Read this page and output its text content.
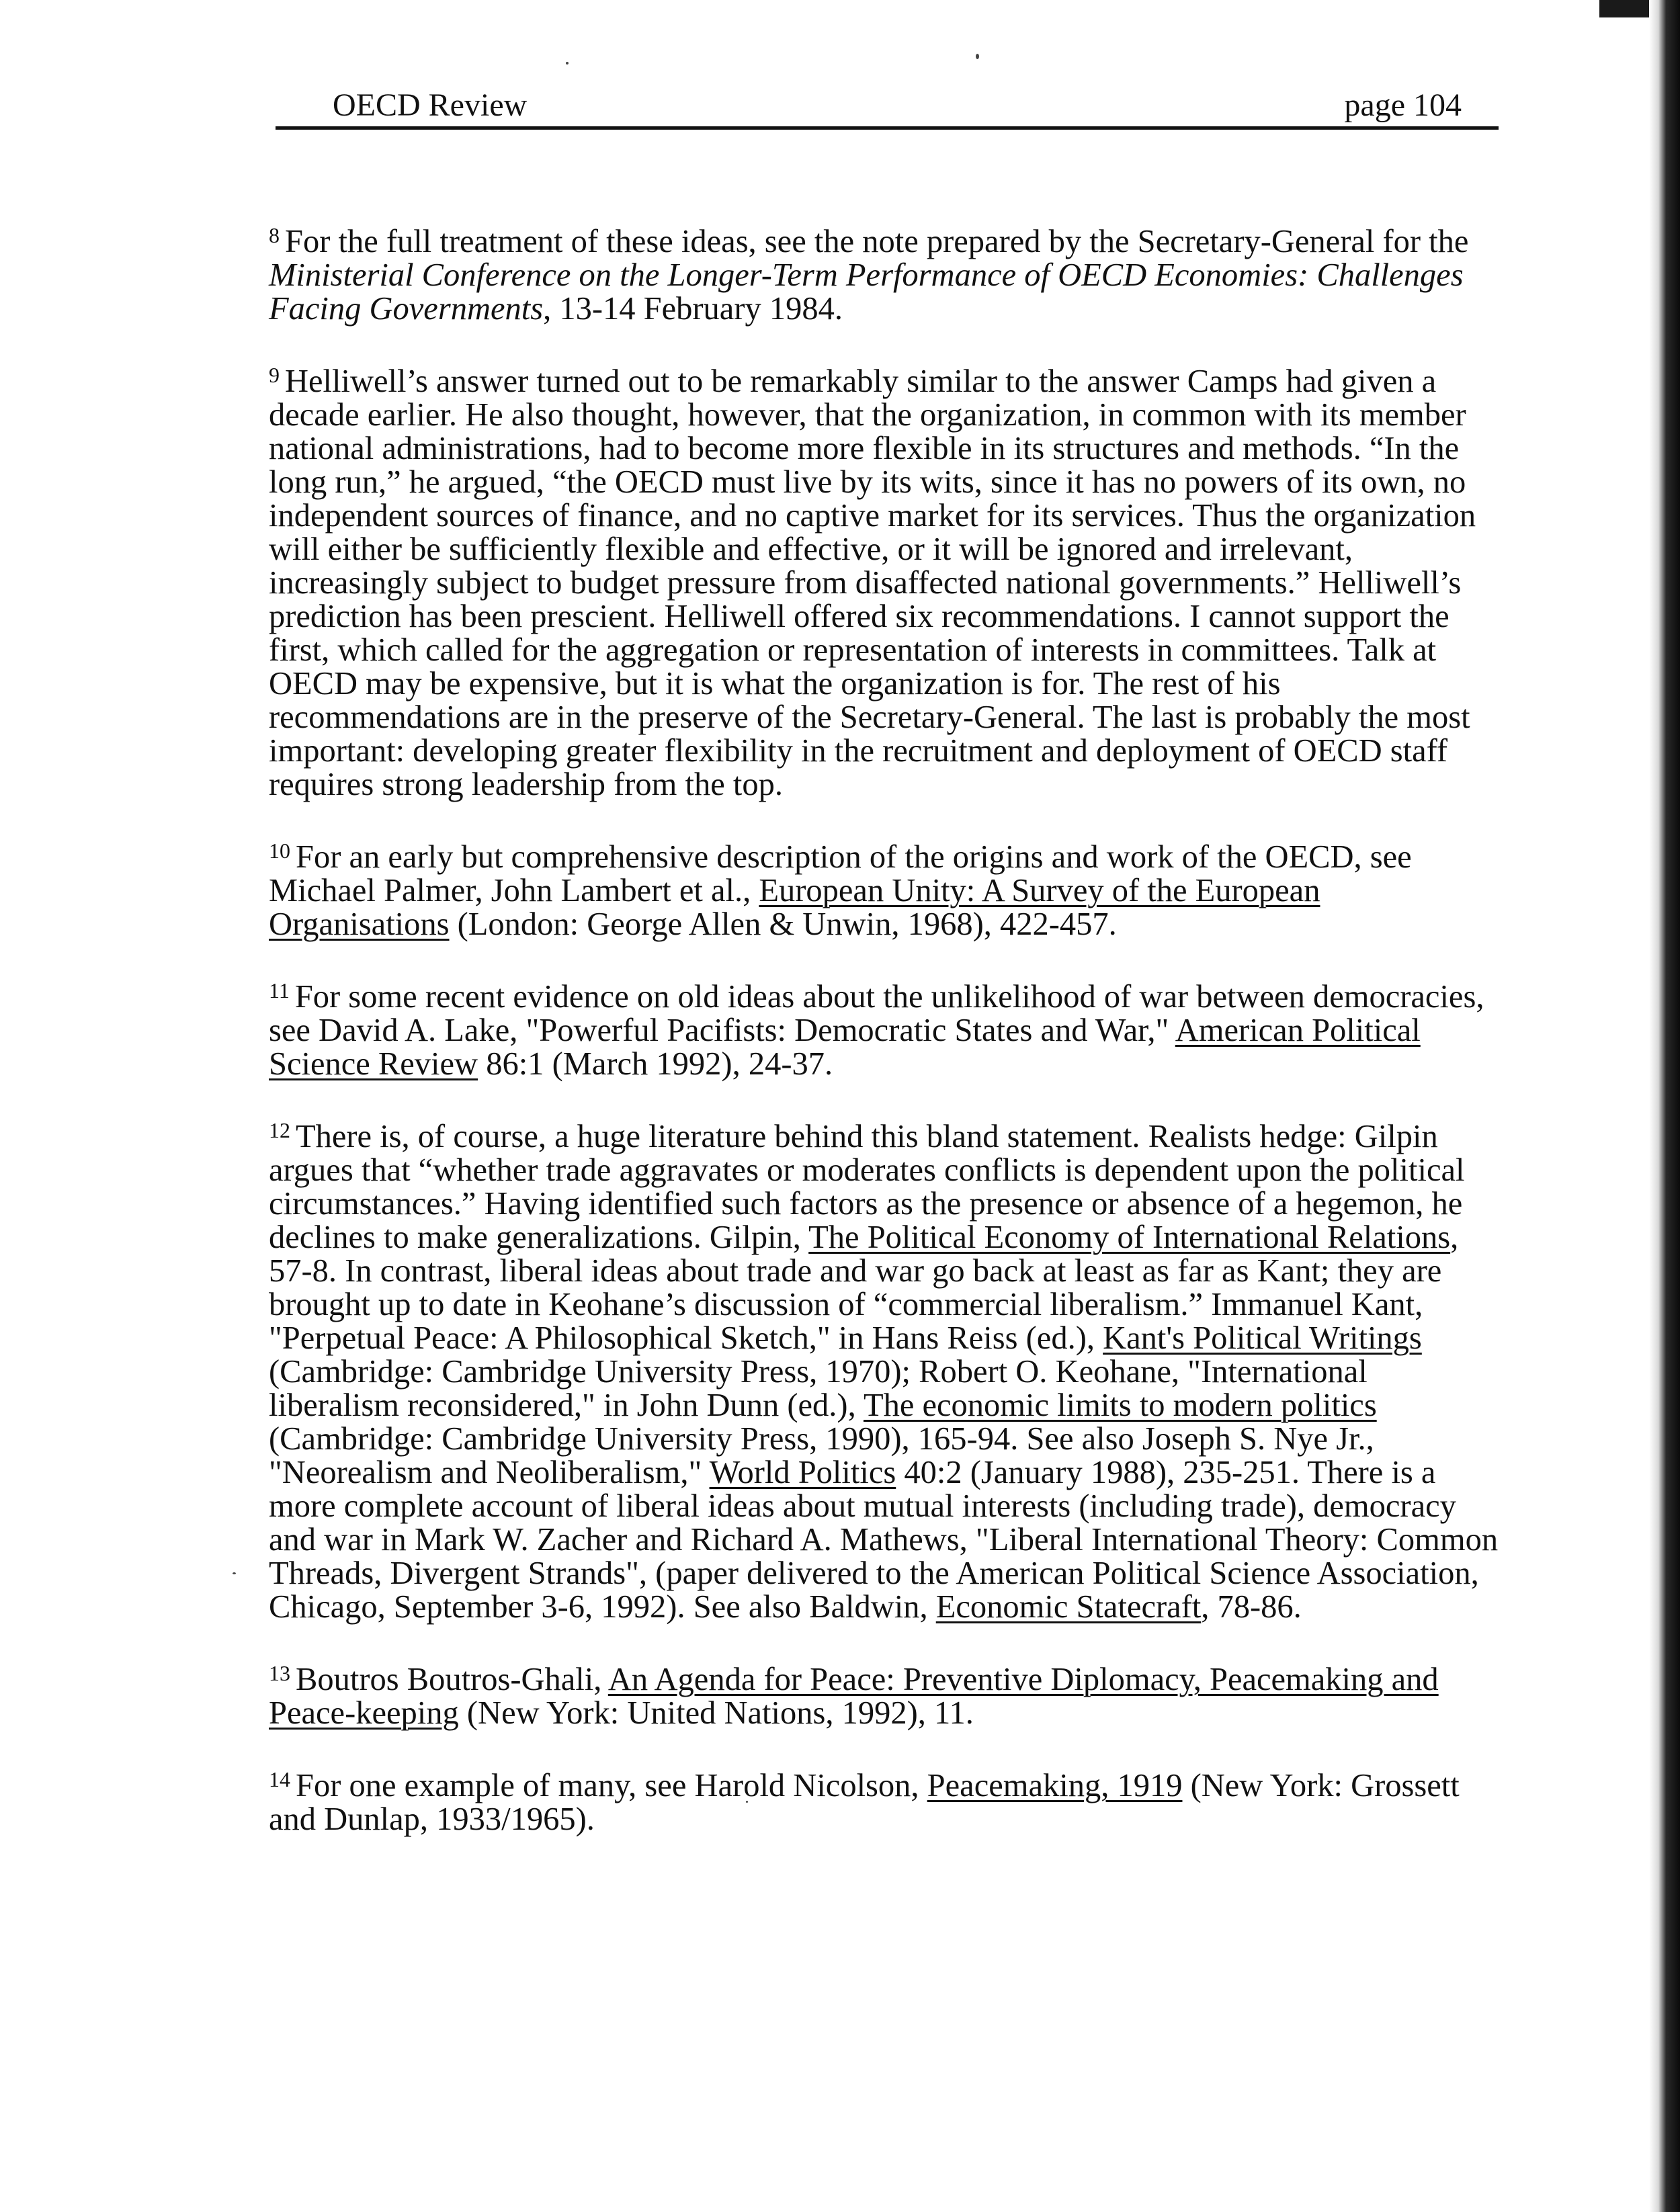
OECD Review	page 104

$^8$ For the full treatment of these ideas, see the note prepared by the Secretary-General for the Ministerial Conference on the Longer-Term Performance of OECD Economies: Challenges Facing Governments, 13-14 February 1984.

$^9$ Helliwell’s answer turned out to be remarkably similar to the answer Camps had given a decade earlier. He also thought, however, that the organization, in common with its member national administrations, had to become more flexible in its structures and methods. “In the long run,” he argued, “the OECD must live by its wits, since it has no powers of its own, no independent sources of finance, and no captive market for its services. Thus the organization will either be sufficiently flexible and effective, or it will be ignored and irrelevant, increasingly subject to budget pressure from disaffected national governments.” Helliwell’s prediction has been prescient. Helliwell offered six recommendations. I cannot support the first, which called for the aggregation or representation of interests in committees. Talk at OECD may be expensive, but it is what the organization is for. The rest of his recommendations are in the preserve of the Secretary-General. The last is probably the most important: developing greater flexibility in the recruitment and deployment of OECD staff requires strong leadership from the top.

$^{10}$ For an early but comprehensive description of the origins and work of the OECD, see Michael Palmer, John Lambert et al., European Unity: A Survey of the European Organisations (London: George Allen & Unwin, 1968), 422-457.

$^{11}$ For some recent evidence on old ideas about the unlikelihood of war between democracies, see David A. Lake, "Powerful Pacifists: Democratic States and War," American Political Science Review 86:1 (March 1992), 24-37.

$^{12}$ There is, of course, a huge literature behind this bland statement. Realists hedge: Gilpin argues that “whether trade aggravates or moderates conflicts is dependent upon the political circumstances.” Having identified such factors as the presence or absence of a hegemon, he declines to make generalizations. Gilpin, The Political Economy of International Relations, 57-8. In contrast, liberal ideas about trade and war go back at least as far as Kant; they are brought up to date in Keohane’s discussion of “commercial liberalism.” Immanuel Kant, "Perpetual Peace: A Philosophical Sketch," in Hans Reiss (ed.), Kant's Political Writings (Cambridge: Cambridge University Press, 1970); Robert O. Keohane, "International liberalism reconsidered," in John Dunn (ed.), The economic limits to modern politics (Cambridge: Cambridge University Press, 1990), 165-94. See also Joseph S. Nye Jr., "Neorealism and Neoliberalism," World Politics 40:2 (January 1988), 235-251. There is a more complete account of liberal ideas about mutual interests (including trade), democracy and war in Mark W. Zacher and Richard A. Mathews, "Liberal International Theory: Common Threads, Divergent Strands", (paper delivered to the American Political Science Association, Chicago, September 3-6, 1992). See also Baldwin, Economic Statecraft, 78-86.

$^{13}$ Boutros Boutros-Ghali, An Agenda for Peace: Preventive Diplomacy, Peacemaking and Peace-keeping (New York: United Nations, 1992), 11.

$^{14}$ For one example of many, see Harold Nicolson, Peacemaking, 1919 (New York: Grossett and Dunlap, 1933/1965).
